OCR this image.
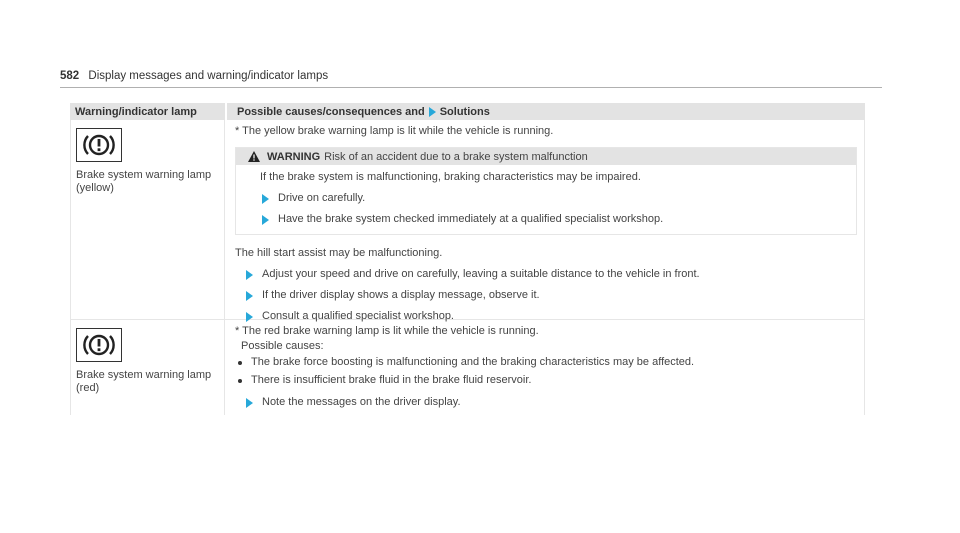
582 Display messages and warning/indicator lamps
Warning/indicator lamp	Possible causes/consequences and Solutions
Brake system warning lamp (yellow)
* The yellow brake warning lamp is lit while the vehicle is running.
WARNING Risk of an accident due to a brake system malfunction
If the brake system is malfunctioning, braking characteristics may be impaired.
Drive on carefully.
Have the brake system checked immediately at a qualified specialist workshop.
The hill start assist may be malfunctioning.
Adjust your speed and drive on carefully, leaving a suitable distance to the vehicle in front.
If the driver display shows a display message, observe it.
Consult a qualified specialist workshop.
Brake system warning lamp (red)
* The red brake warning lamp is lit while the vehicle is running.
Possible causes:
The brake force boosting is malfunctioning and the braking characteristics may be affected.
There is insufficient brake fluid in the brake fluid reservoir.
Note the messages on the driver display.
